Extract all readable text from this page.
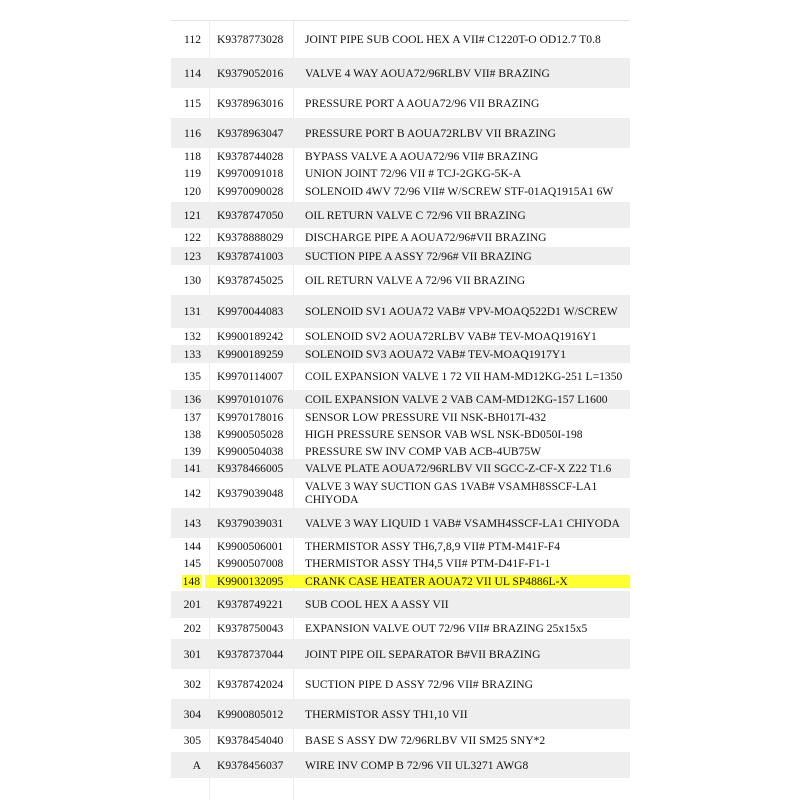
112	K9378773028	JOINT PIPE SUB COOL HEX A VII# C1220T-O OD12.7 T0.8
114	K9379052016	VALVE 4 WAY AOUA72/96RLBV VII# BRAZING
115	K9378963016	PRESSURE PORT A AOUA72/96 VII BRAZING
116	K9378963047	PRESSURE PORT B AOUA72RLBV VII BRAZING
118	K9378744028	BYPASS VALVE A AOUA72/96 VII# BRAZING
119	K9970091018	UNION JOINT 72/96 VII # TCJ-2GKG-5K-A
120	K9970090028	SOLENOID 4WV 72/96 VII# W/SCREW STF-01AQ1915A1 6W
121	K9378747050	OIL RETURN VALVE C 72/96 VII BRAZING
122	K9378888029	DISCHARGE PIPE A AOUA72/96#VII BRAZING
123	K9378741003	SUCTION PIPE A ASSY 72/96# VII BRAZING
130	K9378745025	OIL RETURN VALVE A 72/96 VII BRAZING
131	K9970044083	SOLENOID SV1 AOUA72 VAB# VPV-MOAQ522D1 W/SCREW
132	K9900189242	SOLENOID SV2 AOUA72RLBV VAB# TEV-MOAQ1916Y1
133	K9900189259	SOLENOID SV3 AOUA72 VAB# TEV-MOAQ1917Y1
135	K9970114007	COIL EXPANSION VALVE 1 72 VII HAM-MD12KG-251 L=1350
136	K9970101076	COIL EXPANSION VALVE 2 VAB CAM-MD12KG-157 L1600
137	K9970178016	SENSOR LOW PRESSURE VII NSK-BH017I-432
138	K9900505028	HIGH PRESSURE SENSOR VAB WSL NSK-BD050I-198
139	K9900504038	PRESSURE SW INV COMP VAB ACB-4UB75W
141	K9378466005	VALVE PLATE AOUA72/96RLBV VII SGCC-Z-CF-X Z22 T1.6
142	K9379039048	VALVE 3 WAY SUCTION GAS 1VAB# VSAMH8SSCF-LA1 CHIYODA
143	K9379039031	VALVE 3 WAY LIQUID 1 VAB# VSAMH4SSCF-LA1 CHIYODA
144	K9900506001	THERMISTOR ASSY TH6,7,8,9 VII# PTM-M41F-F4
145	K9900507008	THERMISTOR ASSY TH4,5 VII# PTM-D41F-F1-1
148	K9900132095	CRANK CASE HEATER AOUA72 VII UL SP4886L-X
201	K9378749221	SUB COOL HEX A ASSY VII
202	K9378750043	EXPANSION VALVE OUT 72/96 VII# BRAZING 25x15x5
301	K9378737044	JOINT PIPE OIL SEPARATOR B#VII BRAZING
302	K9378742024	SUCTION PIPE D ASSY 72/96 VII# BRAZING
304	K9900805012	THERMISTOR ASSY TH1,10 VII
305	K9378454040	BASE S ASSY DW 72/96RLBV VII SM25 SNY*2
A	K9378456037	WIRE INV COMP B 72/96 VII UL3271 AWG8
